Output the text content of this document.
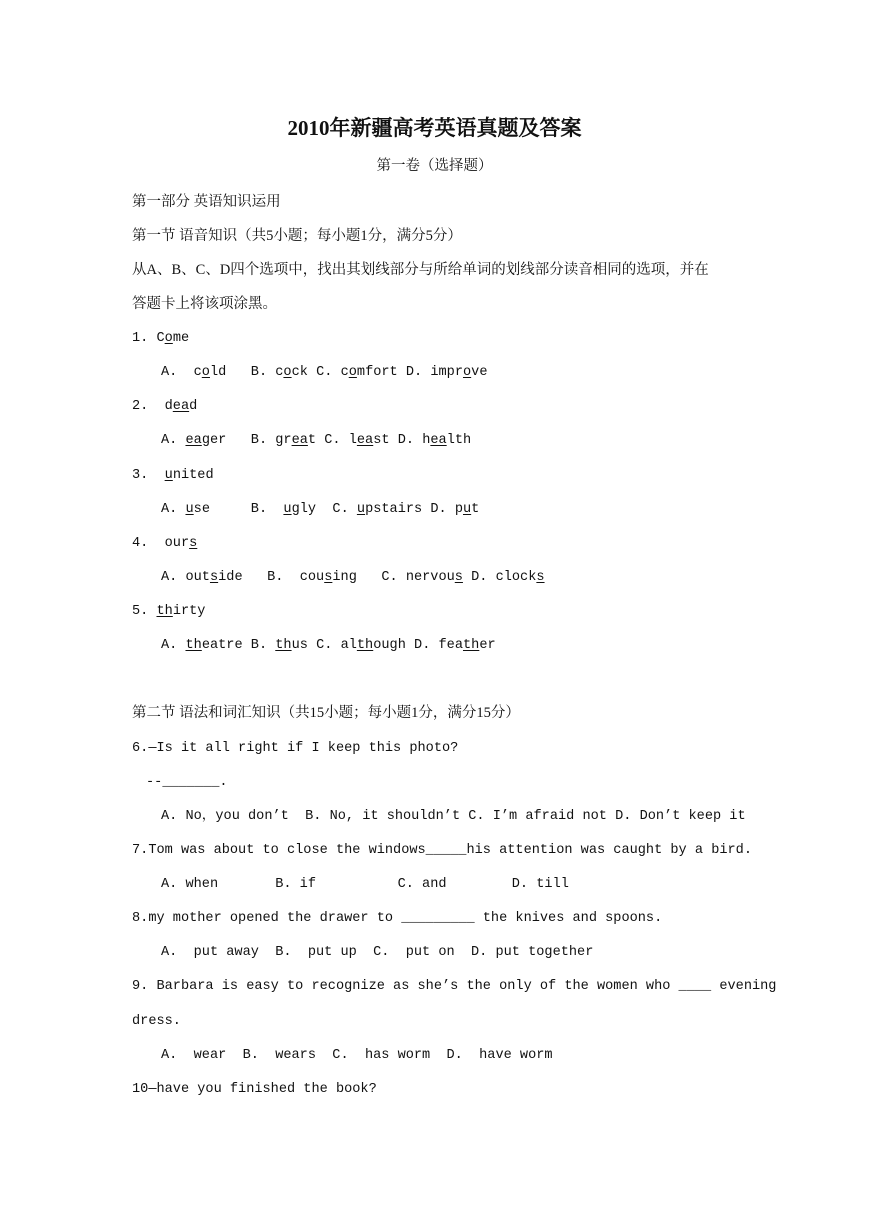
2010年新疆高考英语真题及答案
第一卷（选择题）
第一部分 英语知识运用
第一节 语音知识（共5小题；每小题1分，满分5分）
从A、B、C、D四个选项中，找出其划线部分与所给单词的划线部分读音相同的选项，并在
答题卡上将该项涂黑。
1. Come
A.  cold B. cock C. comfort D. improve
2.  dead
A. eager B. great C. least D. health
3.  united
A. use	B.  ugly C. upstairs D. put
4.  ours
A. outside B.  cousing C. nervous D. clocks
5. thirty
A. theatre B. thus C. although D. feather
第二节 语法和词汇知识（共15小题；每小题1分，满分15分）
6.—Is it all right if I keep this photo?
--_______.
A. No，you don’t  B. No, it shouldn’t C. I’m afraid not D. Don’t keep it
7.Tom was about to close the windows_____his attention was caught by a bird.
A. when       B. if          C. and        D. till
8.my mother opened the drawer to _________ the knives and spoons.
A.  put away  B.  put up  C.  put on  D. put together
9. Barbara is easy to recognize as she’s the only of the women who ____ evening
dress.
A.  wear  B.  wears  C.  has worm  D.  have worm
10—have you finished the book?
